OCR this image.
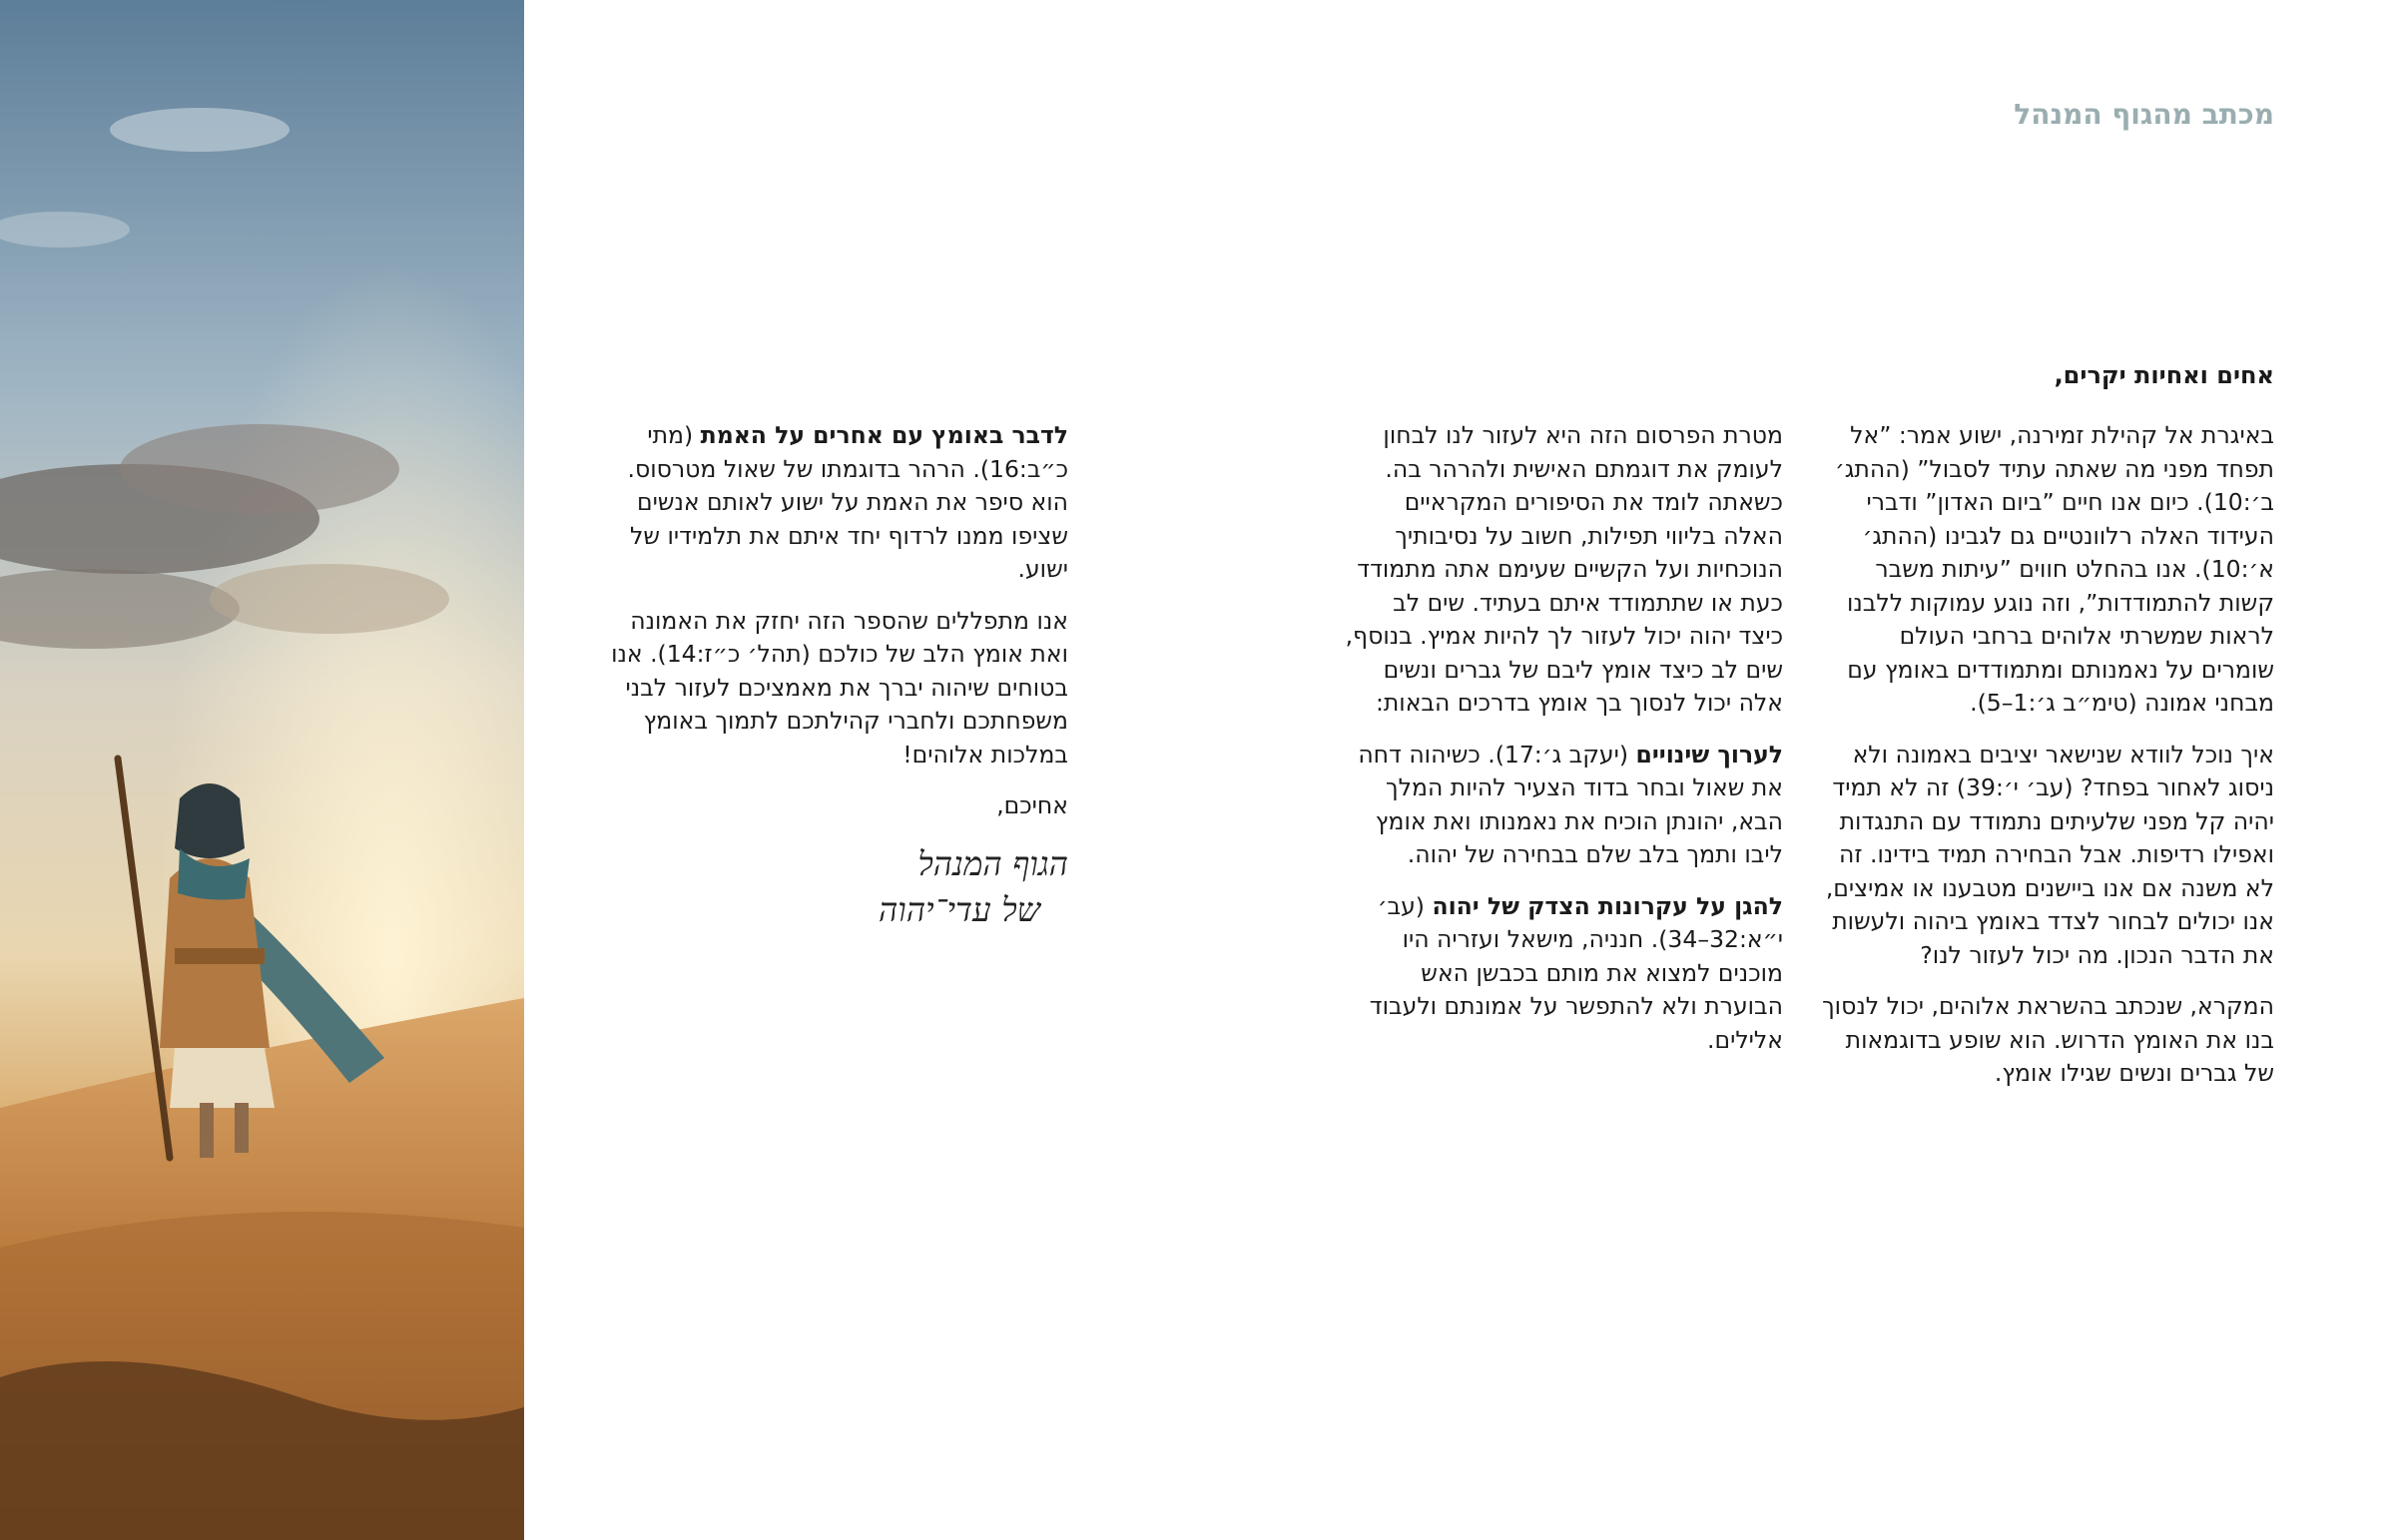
מכתב מהגוף המנהל
אחים ואחיות יקרים,

באיגרת אל קהילת זמירנה, ישוע אמר: ”אל תפחד מפני מה שאתה עתיד לסבול” (ההתג׳ ב׳:10). כיום אנו חיים ”ביום האדון” ודברי העידוד האלה רלוונטיים גם לגבינו (ההתג׳ א׳:10). אנו בהחלט חווים ”עיתות משבר קשות להתמודדות”, וזה נוגע עמוקות ללבנו לראות שמשרתי אלוהים ברחבי העולם שומרים על נאמנותם ומתמודדים באומץ עם מבחני אמונה (טימ״ב ג׳:1–5).

איך נוכל לוודא שנישאר יציבים באמונה ולא ניסוג לאחור בפחד? (עב׳ י׳:39) זה לא תמיד יהיה קל מפני שלעיתים נתמודד עם התנגדות ואפילו רדיפות. אבל הבחירה תמיד בידינו. זה לא משנה אם אנו ביישנים מטבענו או אמיצים, אנו יכולים לבחור לצדד באומץ ביהוה ולעשות את הדבר הנכון. מה יכול לעזור לנו?

המקרא, שנכתב בהשראת אלוהים, יכול לנסוך בנו את האומץ הדרוש. הוא שופע בדוגמאות של גברים ונשים שגילו אומץ.

מטרת הפרסום הזה היא לעזור לנו לבחון לעומק את דוגמתם האישית ולהרהר בה. כשאתה לומד את הסיפורים המקראיים האלה בליווי תפילות, חשוב על נסיבותיך הנוכחיות ועל הקשיים שעימם אתה מתמודד כעת או שתתמודד איתם בעתיד. שים לב כיצד יהוה יכול לעזור לך להיות אמיץ. בנוסף, שים לב כיצד אומץ ליבם של גברים ונשים אלה יכול לנסוך בך אומץ בדרכים הבאות:

לערוך שינויים (יעקב ג׳:17). כשיהוה דחה את שאול ובחר בדוד הצעיר להיות המלך הבא, יהונתן הוכיח את נאמנותו ואת אומץ ליבו ותמך בלב שלם בבחירה של יהוה.

להגן על עקרונות הצדק של יהוה (עב׳ י״א:32–34). חנניה, מישאל ועזריה היו מוכנים למצוא את מותם בכבשן האש הבוערת ולא להתפשר על אמונתם ולעבוד אלילים.

לדבר באומץ עם אחרים על האמת (מתי כ״ב:16). הרהר בדוגמתו של שאול מטרסוס. הוא סיפר את האמת על ישוע לאותם אנשים שציפו ממנו לרדוף יחד איתם את תלמידיו של ישוע.

אנו מתפללים שהספר הזה יחזק את האמונה ואת אומץ הלב של כולכם (תהל׳ כ״ז:14). אנו בטוחים שיהוה יברך את מאמציכם לעזור לבני משפחתכם ולחברי קהילתכם לתמוך באומץ במלכות אלוהים!

אחיכם,

הגוף המנהל
של עדי־יהוה
